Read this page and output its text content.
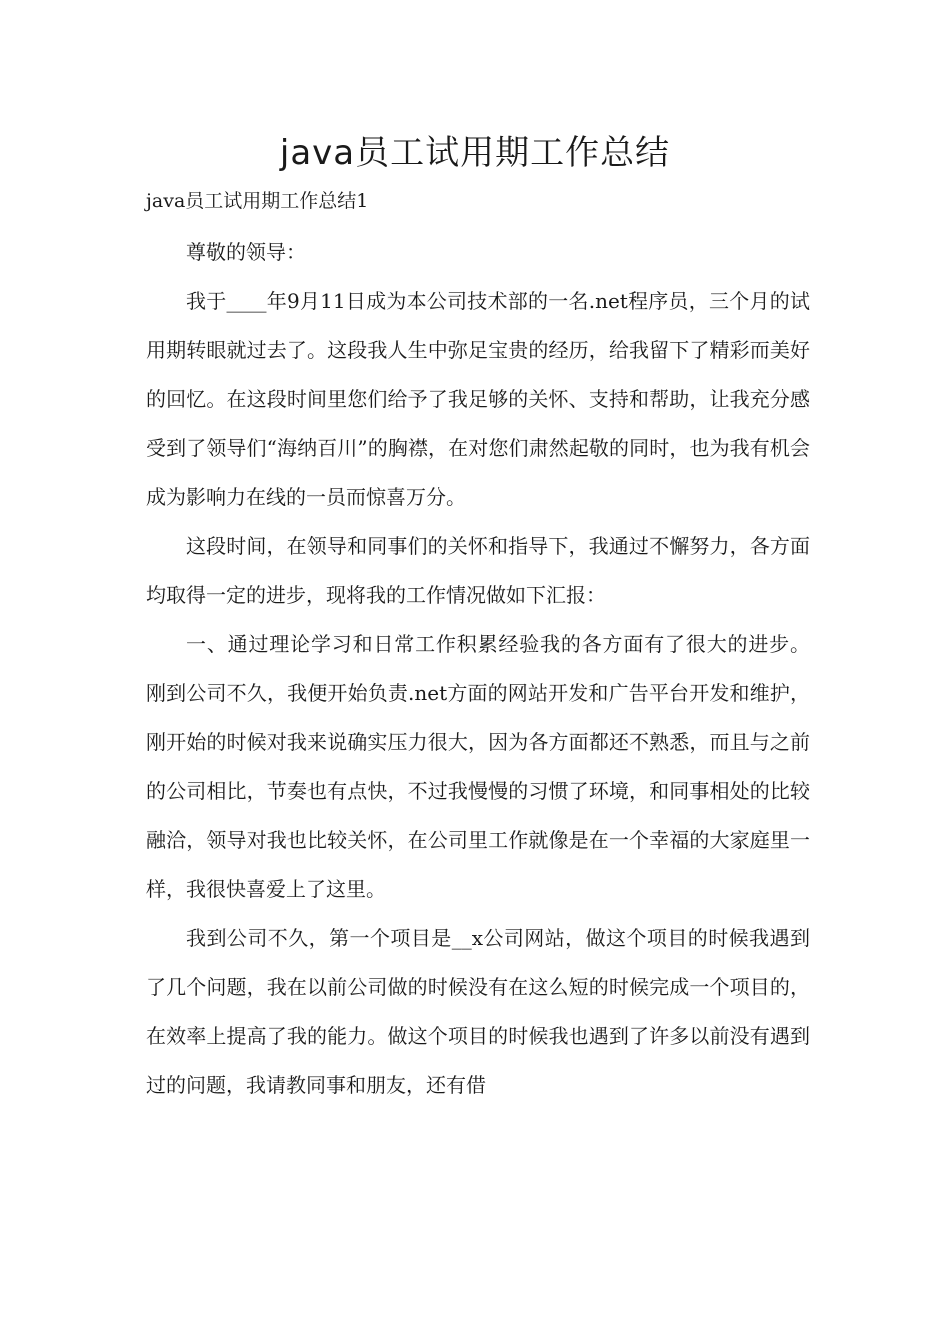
java员工试用期工作总结
java员工试用期工作总结1

尊敬的领导：

我于____年9月11日成为本公司技术部的一名.net程序员，三个月的试用期转眼就过去了。这段我人生中弥足宝贵的经历，给我留下了精彩而美好的回忆。在这段时间里您们给予了我足够的关怀、支持和帮助，让我充分感受到了领导们“海纳百川”的胸襟，在对您们肃然起敬的同时，也为我有机会成为影响力在线的一员而惊喜万分。

这段时间，在领导和同事们的关怀和指导下，我通过不懈努力，各方面均取得一定的进步，现将我的工作情况做如下汇报：

一、通过理论学习和日常工作积累经验我的各方面有了很大的进步。 刚到公司不久，我便开始负责.net方面的网站开发和广告平台开发和维护，刚开始的时候对我来说确实压力很大，因为各方面都还不熟悉，而且与之前的公司相比，节奏也有点快，不过我慢慢的习惯了环境，和同事相处的比较融洽，领导对我也比较关怀，在公司里工作就像是在一个幸福的大家庭里一样，我很快喜爱上了这里。

我到公司不久，第一个项目是__x公司网站，做这个项目的时候我遇到了几个问题，我在以前公司做的时候没有在这么短的时候完成一个项目的，在效率上提高了我的能力。做这个项目的时候我也遇到了许多以前没有遇到过的问题，我请教同事和朋友，还有借
